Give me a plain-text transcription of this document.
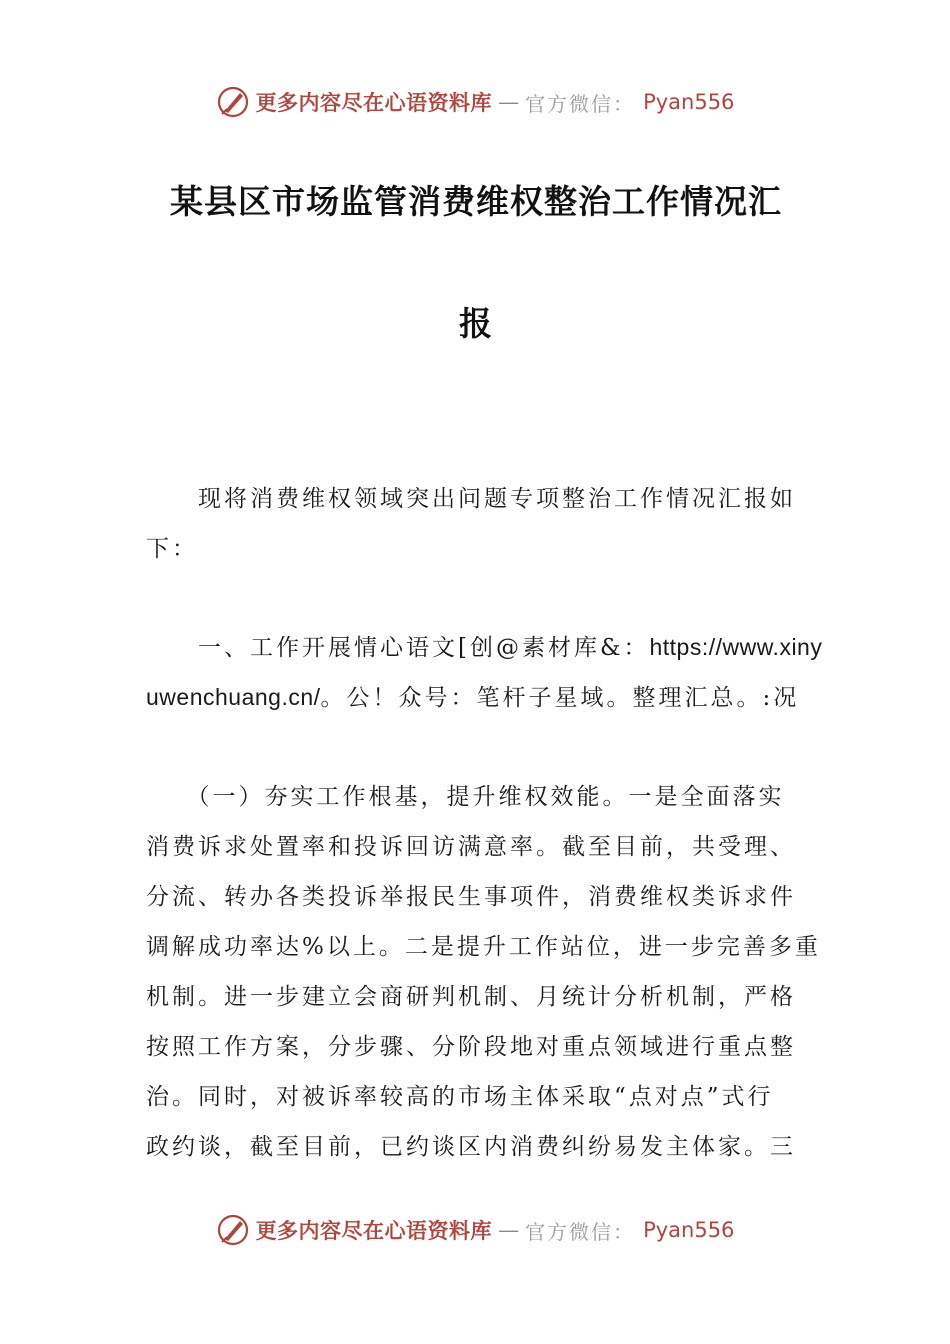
更多内容尽在心语资料库 — 官方微信： Pyan556
某县区市场监管消费维权整治工作情况汇
报
　　现将消费维权领域突出问题专项整治工作情况汇报如
下：
　　一、工作开展情心语文[创@素材库&：https://www.xiny
uwenchuang.cn/。公！众号：笔杆子星域。整理汇总。:况
　　（一）夯实工作根基，提升维权效能。一是全面落实
消费诉求处置率和投诉回访满意率。截至目前，共受理、
分流、转办各类投诉举报民生事项件，消费维权类诉求件
调解成功率达%以上。二是提升工作站位，进一步完善多重
机制。进一步建立会商研判机制、月统计分析机制，严格
按照工作方案，分步骤、分阶段地对重点领域进行重点整
治。同时，对被诉率较高的市场主体采取“点对点”式行
政约谈，截至目前，已约谈区内消费纠纷易发主体家。三
更多内容尽在心语资料库 — 官方微信： Pyan556
